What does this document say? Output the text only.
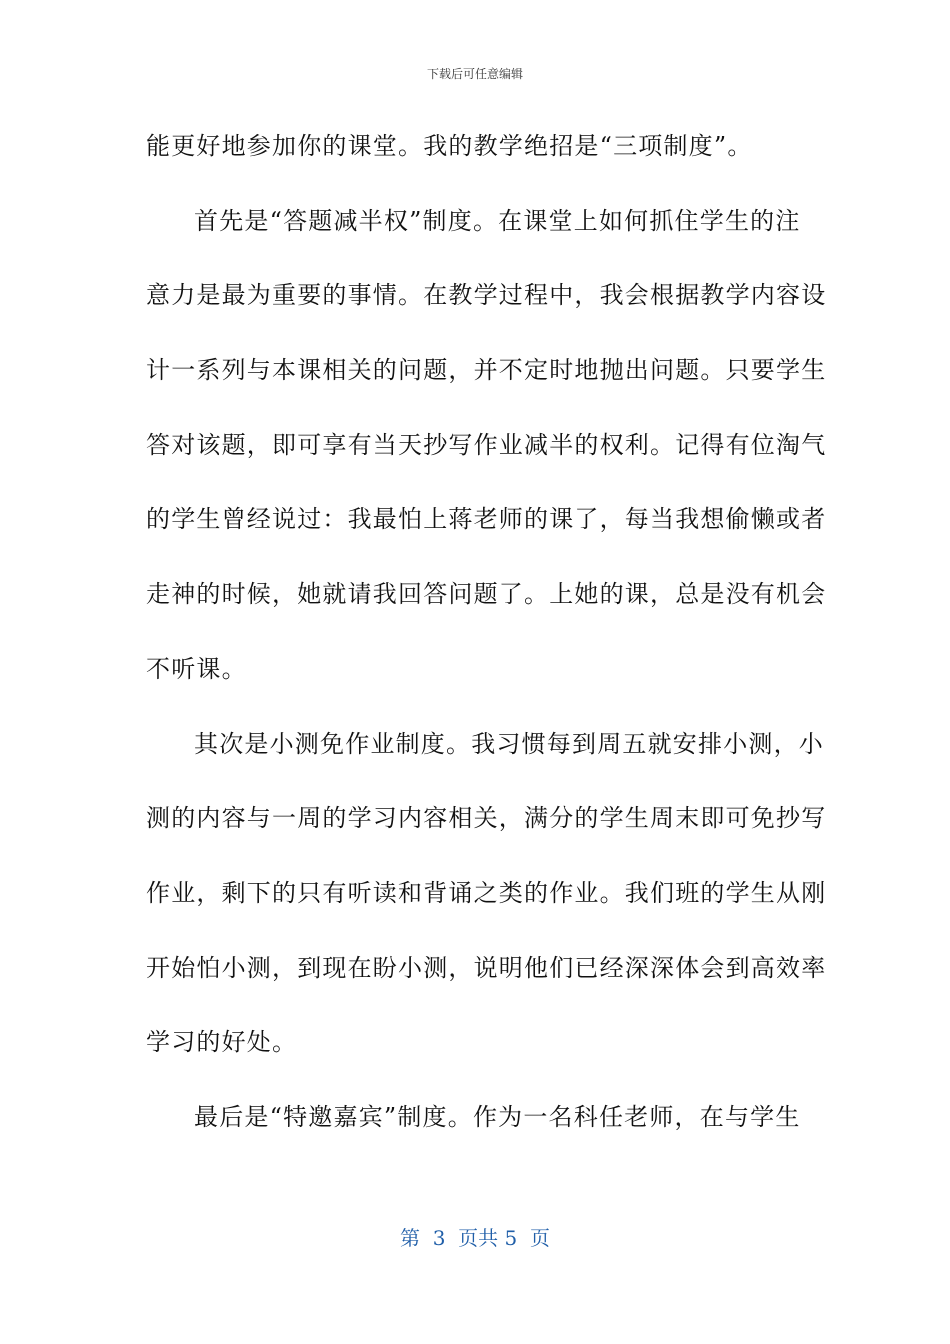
下载后可任意编辑
能更好地参加你的课堂。我的教学绝招是“三项制度”。
首先是“答题减半权”制度。在课堂上如何抓住学生的注
意力是最为重要的事情。在教学过程中，我会根据教学内容设
计一系列与本课相关的问题，并不定时地抛出问题。只要学生
答对该题，即可享有当天抄写作业减半的权利。记得有位淘气
的学生曾经说过：我最怕上蒋老师的课了，每当我想偷懒或者
走神的时候，她就请我回答问题了。上她的课，总是没有机会
不听课。
其次是小测免作业制度。我习惯每到周五就安排小测，小
测的内容与一周的学习内容相关，满分的学生周末即可免抄写
作业，剩下的只有听读和背诵之类的作业。我们班的学生从刚
开始怕小测，到现在盼小测，说明他们已经深深体会到高效率
学习的好处。
最后是“特邀嘉宾”制度。作为一名科任老师，在与学生
第  3  页共 5  页
